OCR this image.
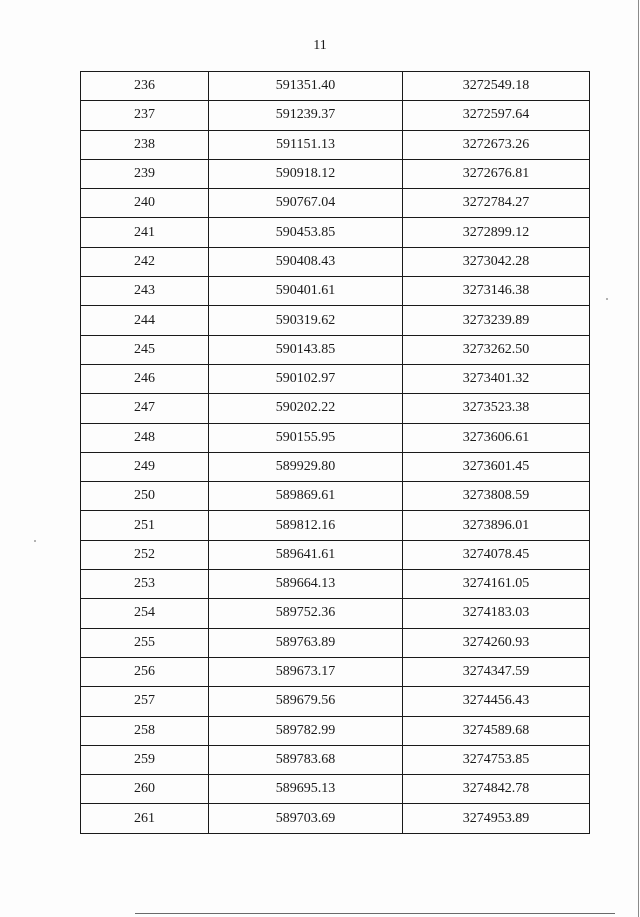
11
236	591351.40	3272549.18
237	591239.37	3272597.64
238	591151.13	3272673.26
239	590918.12	3272676.81
240	590767.04	3272784.27
241	590453.85	3272899.12
242	590408.43	3273042.28
243	590401.61	3273146.38
244	590319.62	3273239.89
245	590143.85	3273262.50
246	590102.97	3273401.32
247	590202.22	3273523.38
248	590155.95	3273606.61
249	589929.80	3273601.45
250	589869.61	3273808.59
251	589812.16	3273896.01
252	589641.61	3274078.45
253	589664.13	3274161.05
254	589752.36	3274183.03
255	589763.89	3274260.93
256	589673.17	3274347.59
257	589679.56	3274456.43
258	589782.99	3274589.68
259	589783.68	3274753.85
260	589695.13	3274842.78
261	589703.69	3274953.89
